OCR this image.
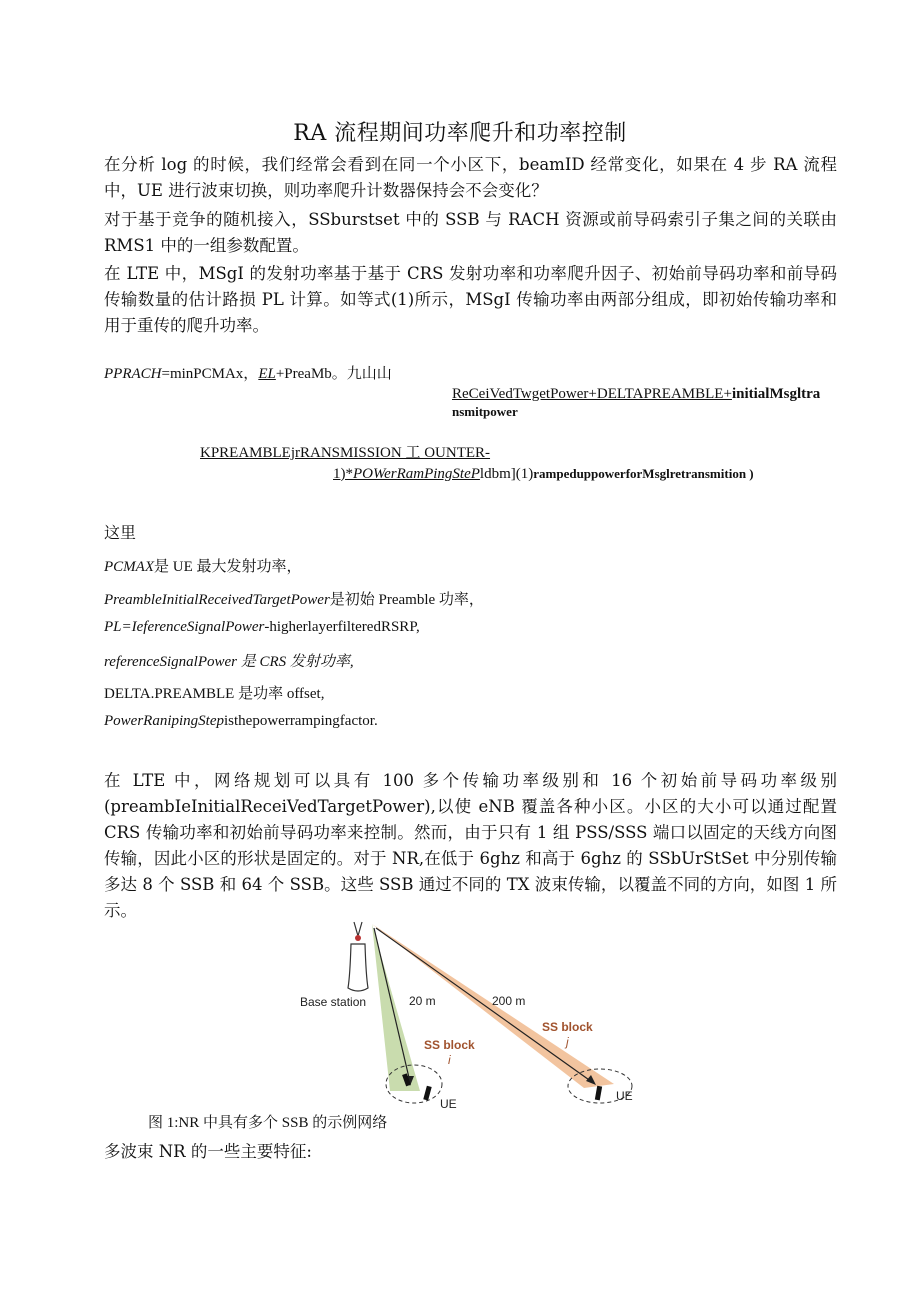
RA 流程期间功率爬升和功率控制

在分析 log 的时候，我们经常会看到在同一个小区下，beamID 经常变化，如果在 4 步 RA 流程中，UE 进行波束切换，则功率爬升计数器保持会不会变化？

对于基于竞争的随机接入，SSburstset 中的 SSB 与 RACH 资源或前导码索引子集之间的关联由 RMS1 中的一组参数配置。

在 LTE 中，MSgI 的发射功率基于基于 CRS 发射功率和功率爬升因子、初始前导码功率和前导码传输数量的估计路损 PL 计算。如等式(1)所示，MSgI 传输功率由两部分组成，即初始传输功率和用于重传的爬升功率。

PPRACH=minPCMAx，EL+PreaMb。九山山
ReCeiVedTwgetPower+DELTAPREAMBLE+initialMsgltra
nsmitpower
KPREAMBLEjrRANSMISSION 工 OUNTER-
1)*POWerRamPingStePldbm](1)rampeduppowerforMsglretransmition )
这里
PCMAX是 UE 最大发射功率，
PreambleInitialReceivedTargetPower是初始 Preamble 功率，
PL=IeferenceSignalPower-higherlayerfilteredRSRP,
referenceSignalPower 是 CRS 发射功率,
DELTA.PREAMBLE 是功率 offset,
PowerRanipingStepisthepowerrampingfactor.

在 LTE 中，网络规划可以具有 100 多个传输功率级别和 16 个初始前导码功率级别(preambIeInitialReceiVedTargetPower),以使 eNB 覆盖各种小区。小区的大小可以通过配置 CRS 传输功率和初始前导码功率来控制。然而，由于只有 1 组 PSS/SSS 端口以固定的天线方向图传输，因此小区的形状是固定的。对于 NR,在低于 6ghz 和高于 6ghz 的 SSbUrStSet 中分别传输多达 8 个 SSB 和 64 个 SSB。这些 SSB 通过不同的 TX 波束传输，以覆盖不同的方向，如图 1 所示。

Base station	20 m	200 m
SS block
i
SS block
j
UE
UE
图 1:NR 中具有多个 SSB 的示例网络

多波束 NR 的一些主要特征:
